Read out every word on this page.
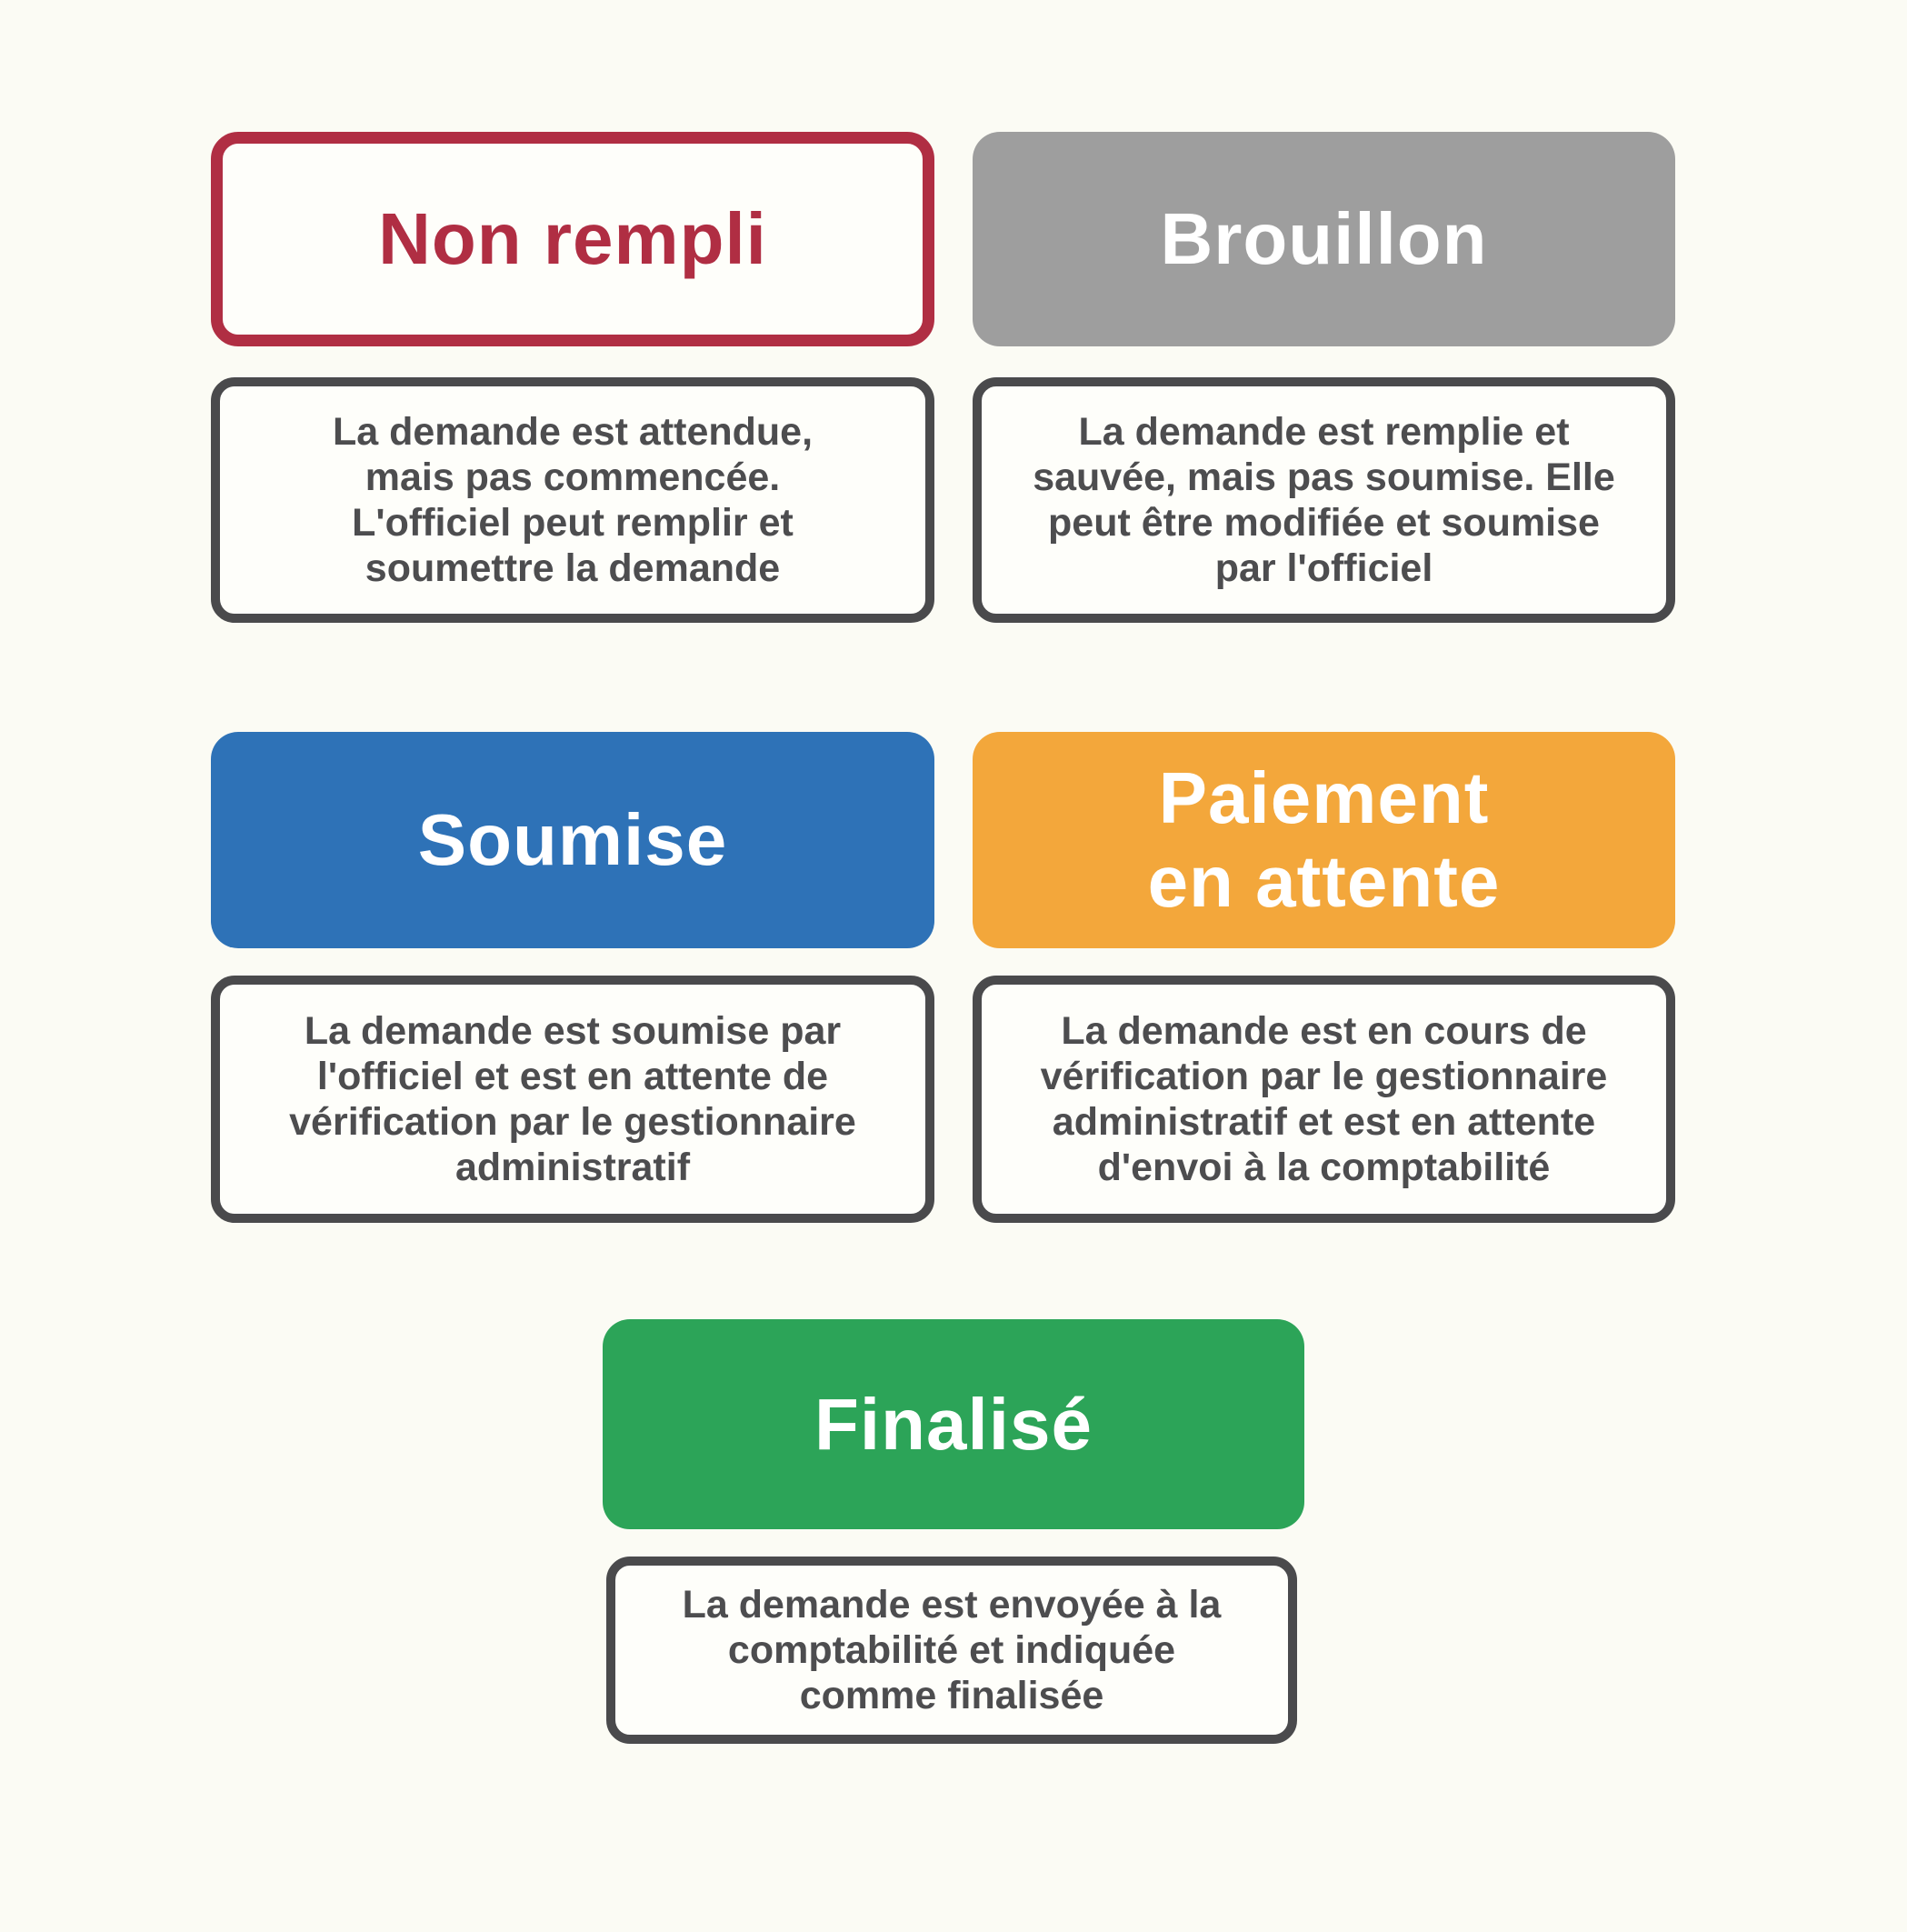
Non rempli	Brouillon
La demande est attendue,
mais pas commencée.
L'officiel peut remplir et
soumettre la demande
La demande est remplie et
sauvée, mais pas soumise. Elle
peut être modifiée et soumise
par l'officiel
Soumise
Paiement
en attente
La demande est soumise par
l'officiel et est en attente de
vérification par le gestionnaire
administratif
La demande est en cours de
vérification par le gestionnaire
administratif et est en attente
d'envoi à la comptabilité
Finalisé
La demande est envoyée à la
comptabilité et indiquée
comme finalisée
